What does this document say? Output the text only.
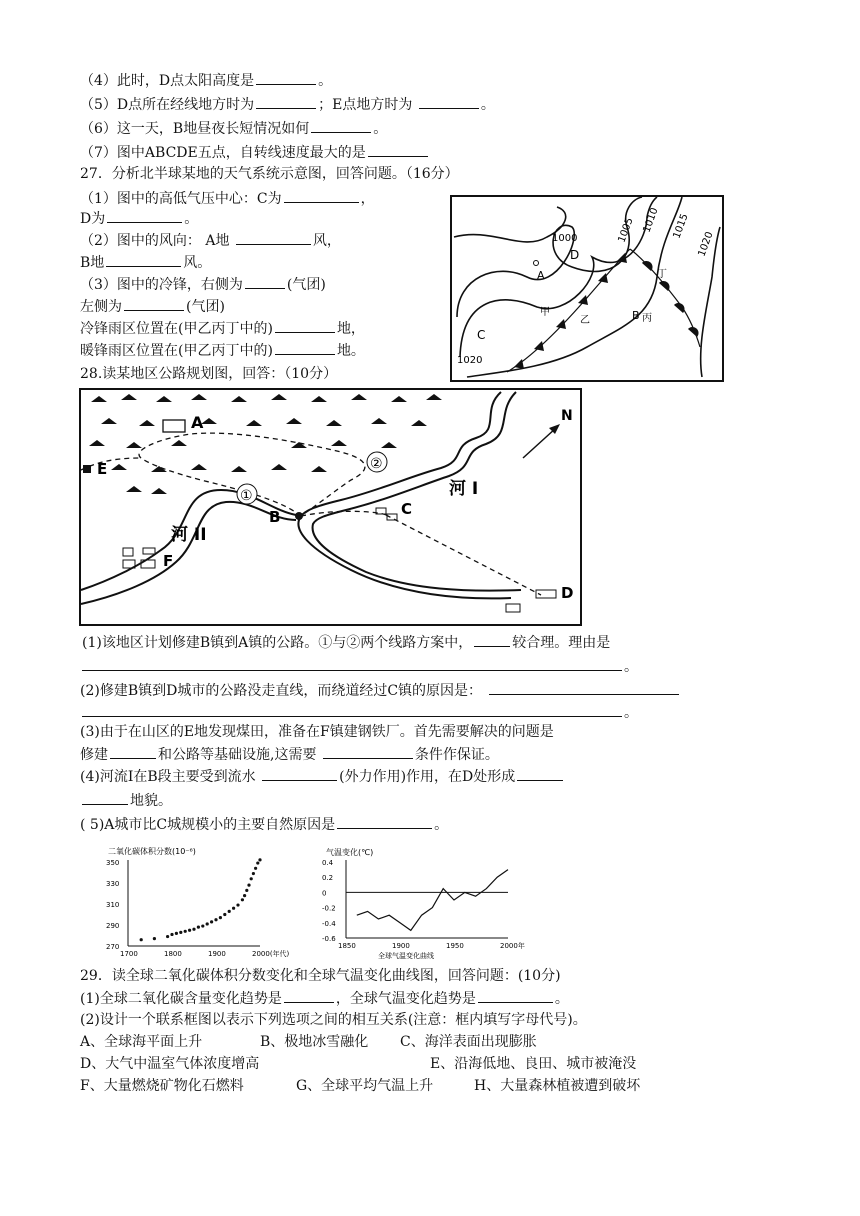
（4）此时，D点太阳高度是	。
（5）D点所在经线地方时为	；E点地方时为	。
（6）这一天，B地昼夜长短情况如何	。
（7）图中ABCDE五点，自转线速度最大的是
27．分析北半球某地的天气系统示意图，回答问题。（16分）
（1）图中的高低气压中心：C为	，
D为	。
（2）图中的风向： A地	风，
B地	风。
（3）图中的冷锋，右侧为	(气团)
左侧为	(气团)
冷锋雨区位置在(甲乙丙丁中的)	地，
暖锋雨区位置在(甲乙丙丁中的)	地。
1000	1005 1010 1015
1020
1020
D
C
A
B 丙
甲
乙
丁
28.读某地区公路规划图，回答：（10分）
A
B	C
D
E
F
①
②
河 I
河 II
N
(1)该地区计划修建B镇到A镇的公路。①与②两个线路方案中，	较合理。理由是
。
(2)修建B镇到D城市的公路没走直线，而绕道经过C镇的原因是：
。
(3)由于在山区的E地发现煤田，准备在F镇建钢铁厂。首先需要解决的问题是
修建	和公路等基础设施,这需要	条件作保证。
(4)河流Ⅰ在B段主要受到流水	(外力作用)作用，在D处形成
地貌。
( 5)A城市比C城规模小的主要自然原因是	。
二氧化碳体积分数(10⁻⁶)
350
330
310
290
270
1700	1800	1900	2000(年代)
气温变化(℃)
0.4
0.2
0
-0.2
-0.4
-0.6
1850	1900	1950	2000年
全球气温变化曲线
29．读全球二氧化碳体积分数变化和全球气温变化曲线图，回答问题：(10分)
(1)全球二氧化碳含量变化趋势是	，全球气温变化趋势是	。
(2)设计一个联系框图以表示下列选项之间的相互关系(注意：框内填写字母代号)。
A、全球海平面上升	B、极地冰雪融化 C、海洋表面出现膨胀
D、大气中温室气体浓度增高	E、沿海低地、良田、城市被淹没
F、大量燃烧矿物化石燃料	G、全球平均气温上升	H、大量森林植被遭到破坏
